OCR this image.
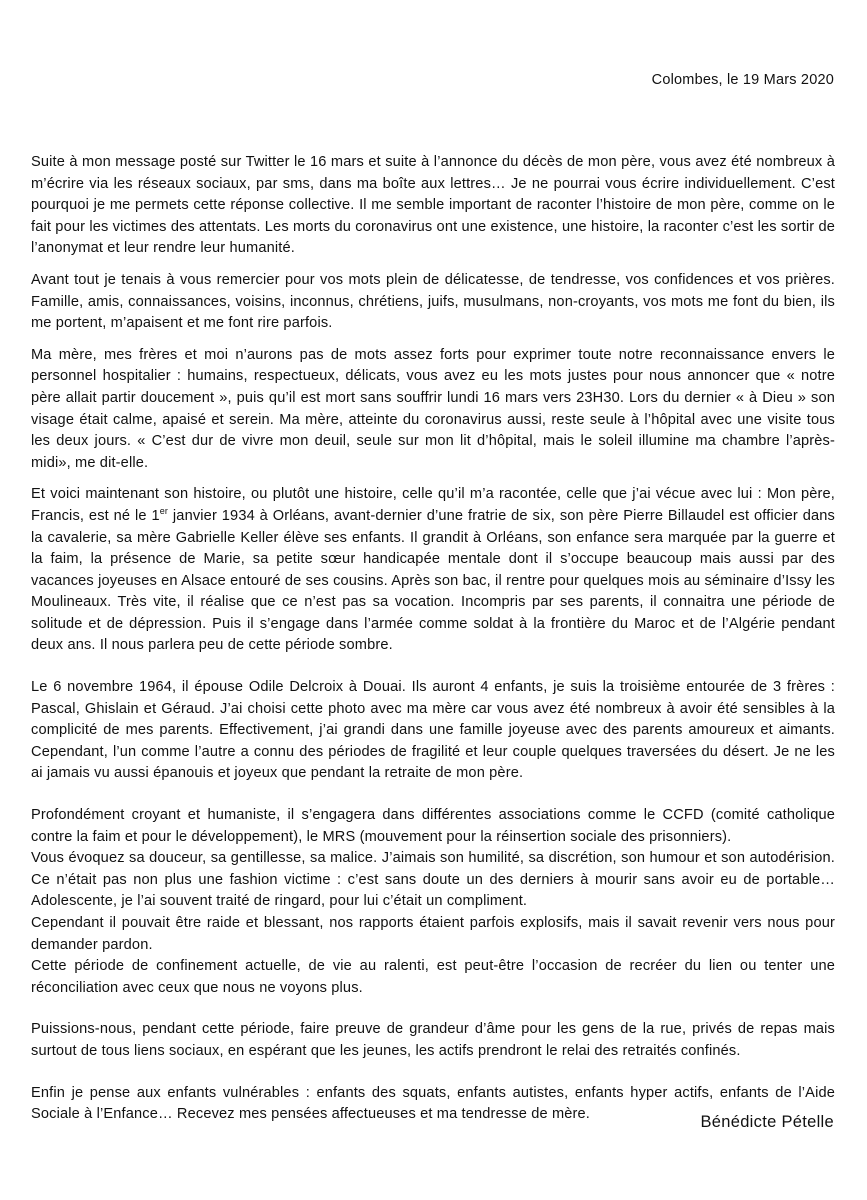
Colombes, le 19 Mars 2020

Suite à mon message posté sur Twitter le 16 mars et suite à l’annonce du décès de mon père, vous avez été nombreux à m’écrire via les réseaux sociaux, par sms, dans ma boîte aux lettres… Je ne pourrai vous écrire individuellement. C’est pourquoi je me permets cette réponse collective. Il me semble important de raconter l’histoire de mon père, comme on le fait pour les victimes des attentats. Les morts du coronavirus ont une existence, une histoire, la raconter c’est les sortir de l’anonymat et leur rendre leur humanité.

Avant tout je tenais à vous remercier pour vos mots plein de délicatesse, de tendresse, vos confidences et vos prières. Famille, amis, connaissances, voisins, inconnus, chrétiens, juifs, musulmans, non-croyants, vos mots me font du bien, ils me portent, m’apaisent et me font rire parfois.

Ma mère, mes frères et moi n’aurons pas de mots assez forts pour exprimer toute notre reconnaissance envers le personnel hospitalier : humains, respectueux, délicats, vous avez eu les mots justes pour nous annoncer que « notre père allait partir doucement », puis qu’il est mort sans souffrir lundi 16 mars vers 23H30. Lors du dernier « à Dieu » son visage était calme, apaisé et serein. Ma mère, atteinte du coronavirus aussi, reste seule à l’hôpital avec une visite tous les deux jours. « C’est dur de vivre mon deuil, seule sur mon lit d’hôpital, mais le soleil illumine ma chambre l’après-midi», me dit-elle.

Et voici maintenant son histoire, ou plutôt une histoire, celle qu’il m’a racontée, celle que j’ai vécue avec lui : Mon père, Francis, est né le 1er janvier 1934 à Orléans, avant-dernier d’une fratrie de six, son père Pierre Billaudel est officier dans la cavalerie, sa mère Gabrielle Keller élève ses enfants. Il grandit à Orléans, son enfance sera marquée par la guerre et la faim, la présence de Marie, sa petite sœur handicapée mentale dont il s’occupe beaucoup mais aussi par des vacances joyeuses en Alsace entouré de ses cousins. Après son bac, il rentre pour quelques mois au séminaire d’Issy les Moulineaux. Très vite, il réalise que ce n’est pas sa vocation. Incompris par ses parents, il connaitra une période de solitude et de dépression. Puis il s’engage dans l’armée comme soldat à la frontière du Maroc et de l’Algérie pendant deux ans. Il nous parlera peu de cette période sombre.

Le 6 novembre 1964, il épouse Odile Delcroix à Douai. Ils auront 4 enfants, je suis la troisième entourée de 3 frères : Pascal, Ghislain et Géraud. J’ai choisi cette photo avec ma mère car vous avez été nombreux à avoir été sensibles à la complicité de mes parents. Effectivement, j’ai grandi dans une famille joyeuse avec des parents amoureux et aimants. Cependant, l’un comme l’autre a connu des périodes de fragilité et leur couple quelques traversées du désert. Je ne les ai jamais vu aussi épanouis et joyeux que pendant la retraite de mon père.

Profondément croyant et humaniste, il s’engagera dans différentes associations comme le CCFD (comité catholique contre la faim et pour le développement), le MRS (mouvement pour la réinsertion sociale des prisonniers).

Vous évoquez sa douceur, sa gentillesse, sa malice. J’aimais son humilité, sa discrétion, son humour et son autodérision. Ce n’était pas non plus une fashion victime : c’est sans doute un des derniers à mourir sans avoir eu de portable… Adolescente, je l’ai souvent traité de ringard, pour lui c’était un compliment.

Cependant il pouvait être raide et blessant, nos rapports étaient parfois explosifs, mais il savait revenir vers nous pour demander pardon.

Cette période de confinement actuelle, de vie au ralenti, est peut-être l’occasion de recréer du lien ou tenter une réconciliation avec ceux que nous ne voyons plus.

Puissions-nous, pendant cette période, faire preuve de grandeur d’âme pour les gens de la rue, privés de repas mais surtout de tous liens sociaux, en espérant que les jeunes, les actifs prendront le relai des retraités confinés.

Enfin je pense aux enfants vulnérables : enfants des squats, enfants autistes, enfants hyper actifs, enfants de l’Aide Sociale à l’Enfance… Recevez mes pensées affectueuses et ma tendresse de mère.	Bénédicte Pételle
